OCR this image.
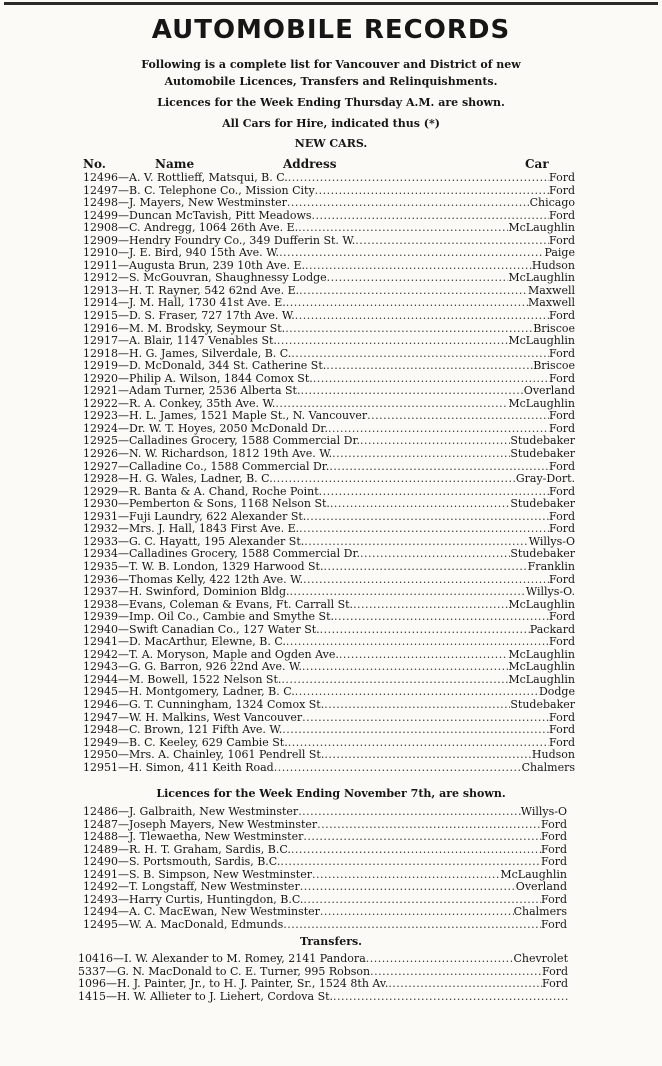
AUTOMOBILE RECORDS
Following is a complete list for Vancouver and District of new
Automobile Licences, Transfers and Relinquishments.
Licences for the Week Ending Thursday A.M. are shown.
All Cars for Hire, indicated thus (*)
NEW CARS.
No.	Name	Address	Car
12496 — A. V. Rottlieff, Matsqui, B. C. .....	Ford
12497 — B. C. Telephone Co., Mission City .....	Ford
12498 — J. Mayers, New Westminster .....	Chicago
12499 — Duncan McTavish, Pitt Meadows .....	Ford
12908 — C. Andregg, 1064 26th Ave. E. .....	McLaughlin
12909 — Hendry Foundry Co., 349 Dufferin St. W. .....	Ford
12910 — J. E. Bird, 940 15th Ave. W. .....	Paige
12911 — Augusta Brun, 239 10th Ave. E. .....	Hudson
12912 — S. McGouvran, Shaughnessy Lodge .....	McLaughlin
12913 — H. T. Rayner, 542 62nd Ave. E. .....	Maxwell
12914 — J. M. Hall, 1730 41st Ave. E. .....	Maxwell
12915 — D. S. Fraser, 727 17th Ave. W. .....	Ford
12916 — M. M. Brodsky, Seymour St. .....	Briscoe
12917 — A. Blair, 1147 Venables St. .....	McLaughlin
12918 — H. G. James, Silverdale, B. C. .....	Ford
12919 — D. McDonald, 344 St. Catherine St. .....	Briscoe
12920 — Philip A. Wilson, 1844 Comox St. .....	Ford
12921 — Adam Turner, 2536 Alberta St. .....	Overland
12922 — R. A. Conkey, 35th Ave. W. .....	McLaughlin
12923 — H. L. James, 1521 Maple St., N. Vancouver .....	Ford
12924 — Dr. W. T. Hoyes, 2050 McDonald Dr. .....	Ford
12925 — Calladines Grocery, 1588 Commercial Dr. .....	Studebaker
12926 — N. W. Richardson, 1812 19th Ave. W. .....	Studebaker
12927 — Calladine Co., 1588 Commercial Dr. .....	Ford
12928 — H. G. Wales, Ladner, B. C. .....	Gray-Dort.
12929 — R. Banta & A. Chand, Roche Point .....	Ford
12930 — Pemberton & Sons, 1168 Nelson St. .....	Studebaker
12931 — Fuji Laundry, 622 Alexander St. .....	Ford
12932 — Mrs. J. Hall, 1843 First Ave. E. .....	Ford
12933 — G. C. Hayatt, 195 Alexander St. .....	Willys-O
12934 — Calladines Grocery, 1588 Commercial Dr. .....	Studebaker
12935 — T. W. B. London, 1329 Harwood St. .....	Franklin
12936 — Thomas Kelly, 422 12th Ave. W. .....	Ford
12937 — H. Swinford, Dominion Bldg. .....	Willys-O.
12938 — Evans, Coleman & Evans, Ft. Carrall St. .....	McLaughlin
12939 — Imp. Oil Co., Cambie and Smythe St. .....	Ford
12940 — Swift Canadian Co., 127 Water St. .....	Packard
12941 — D. MacArthur, Elewne, B. C. .....	Ford
12942 — T. A. Moryson, Maple and Ogden Ave. .....	McLaughlin
12943 — G. G. Barron, 926 22nd Ave. W. .....	McLaughlin
12944 — M. Bowell, 1522 Nelson St. .....	McLaughlin
12945 — H. Montgomery, Ladner, B. C. .....	Dodge
12946 — G. T. Cunningham, 1324 Comox St. .....	Studebaker
12947 — W. H. Malkins, West Vancouver .....	Ford
12948 — C. Brown, 121 Fifth Ave. W. .....	Ford
12949 — B. C. Keeley, 629 Cambie St. .....	Ford
12950 — Mrs. A. Chainley, 1061 Pendrell St. .....	Hudson
12951 — H. Simon, 411 Keith Road .....	Chalmers
Licences for the Week Ending November 7th, are shown.
12486 — J. Galbraith, New Westminster .....	Willys-O
12487 — Joseph Mayers, New Westminster .....	Ford
12488 — J. Tlewaetha, New Westminster .....	Ford
12489 — R. H. T. Graham, Sardis, B.C. .....	Ford
12490 — S. Portsmouth, Sardis, B.C. .....	Ford
12491 — S. B. Simpson, New Westminster .....	McLaughlin
12492 — T. Longstaff, New Westminster .....	Overland
12493 — Harry Curtis, Huntingdon, B.C. .....	Ford
12494 — A. C. MacEwan, New Westminster .....	Chalmers
12495 — W. A. MacDonald, Edmunds .....	Ford
Transfers.
10416 — I. W. Alexander to M. Romey, 2141 Pandora .....	Chevrolet
5337 — G. N. MacDonald to C. E. Turner, 995 Robson .....	Ford
1096 — H. J. Painter, Jr., to H. J. Painter, Sr., 1524 8th Av. .....	Ford
1415 — H. W. Allieter to J. Liehert, Cordova St.
.....
